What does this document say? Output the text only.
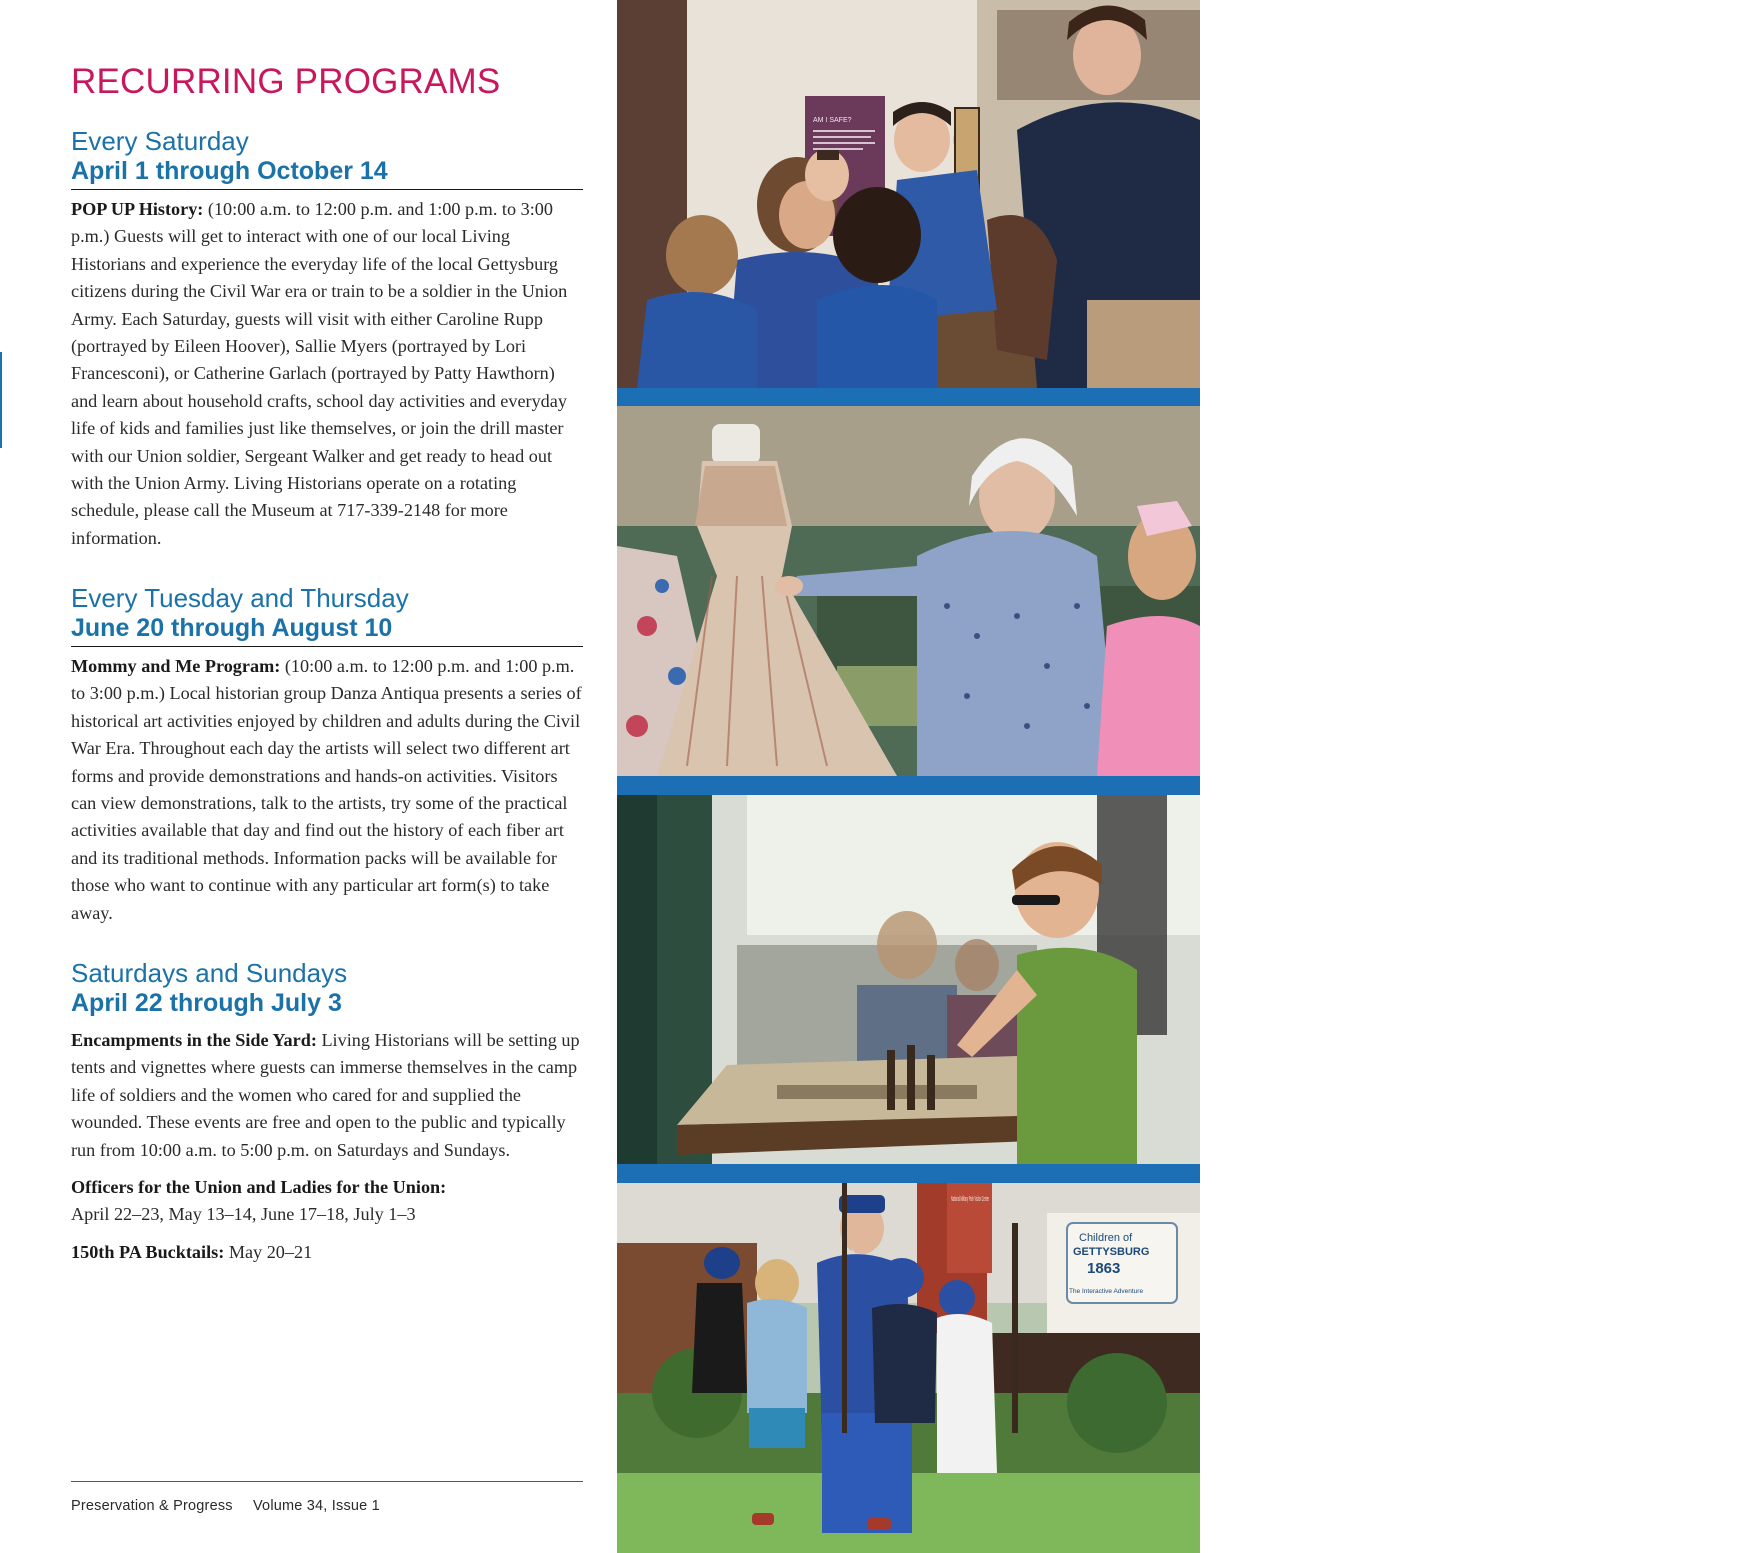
RECURRING PROGRAMS
Every Saturday
April 1 through October 14

POP UP History: (10:00 a.m. to 12:00 p.m. and 1:00 p.m. to 3:00 p.m.) Guests will get to interact with one of our local Living Historians and experience the everyday life of the local Gettysburg citizens during the Civil War era or train to be a soldier in the Union Army. Each Saturday, guests will visit with either Caroline Rupp (portrayed by Eileen Hoover), Sallie Myers (portrayed by Lori Francesconi), or Catherine Garlach (portrayed by Patty Hawthorn) and learn about household crafts, school day activities and everyday life of kids and families just like themselves, or join the drill master with our Union soldier, Sergeant Walker and get ready to head out with the Union Army. Living Historians operate on a rotating schedule, please call the Museum at 717-339-2148 for more information.

Every Tuesday and Thursday
June 20 through August 10

Mommy and Me Program: (10:00 a.m. to 12:00 p.m. and 1:00 p.m. to 3:00 p.m.) Local historian group Danza Antiqua presents a series of historical art activities enjoyed by children and adults during the Civil War Era. Throughout each day the artists will select two different art forms and provide demonstrations and hands-on activities. Visitors can view demonstrations, talk to the artists, try some of the practical activities available that day and find out the history of each fiber art and its traditional methods. Information packs will be available for those who want to continue with any particular art form(s) to take away.

Saturdays and Sundays
April 22 through July 3

Encampments in the Side Yard: Living Historians will be setting up tents and vignettes where guests can immerse themselves in the camp life of soldiers and the women who cared for and supplied the wounded. These events are free and open to the public and typically run from 10:00 a.m. to 5:00 p.m. on Saturdays and Sundays.

Officers for the Union and Ladies for the Union:
April 22–23, May 13–14, June 17–18, July 1–3

150th PA Bucktails: May 20–21

Preservation & Progress Volume 34, Issue 1
AM I SAFE?
National Military Park Visitor Center
Children of
GETTYSBURG
1863
The Interactive Adventure
11
